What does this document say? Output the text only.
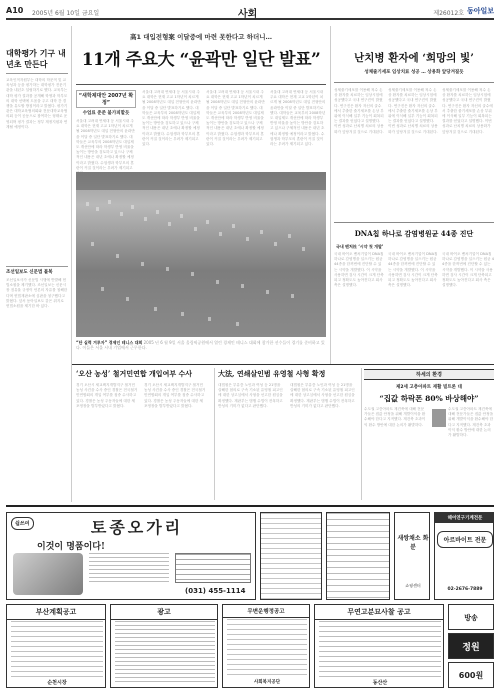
A10 2005년 6월 10일 금요일	사회	제26012호 동아일보
대학평가 기구 내년초 만든다
교육인적자원부는 대학의 학문적 및 교육성과 등을 평가하는 대학평가 전문기관을 내년초 설립하기로 했다. 교육부는 대학 평가 결과를 공개해 학생과 학부모의 대학 선택에 도움을 주고 대학 간 경쟁을 유도할 방침이라고 밝혔다. 평가기관은 대학교육협의회와 전문대학교육협의회 등이 공동으로 참여하는 형태로 운영되며 평가 결과는 정부 재정지원과 연계될 예정이다.
조선일보도 신문법 불복
조선일보사가 신문법 시행에 반발해 헌법소원을 제기했다. 조선일보는 신문시장 점유율 규정이 언론의 자유를 침해한다며 헌법재판소에 심판을 청구했다고 밝혔다. 앞서 동아일보도 같은 취지로 헌법소원을 제기한 바 있다.
高1 대입전형案 이달중에 마련 못한다고 하더니…
11개 주요大 “윤곽만 일단 발표”
“새학제대안 2007년 확정”
수업료 준준 불가피할듯
서울대 고려대 연세대 등 서울시내 주요 대학은 현재 고교 1학년이 치르게 될 2008학년도 대입 전형안의 윤곽만을 이달 중 일단 발표하기로 했다. 대학들은 교육부의 2008학년도 대입제도 개선안에 따라 학생부 반영 비율을 높이는 방안을 검토하고 있으나 구체적인 내용은 내년 초에나 확정할 예정이라고 밝혔다. 수험생과 학부모의 혼란이 커질 것이라는 우려가 제기되고
서울대 고려대 연세대 등 서울시내 주요 대학은 현재 고교 1학년이 치르게 될 2008학년도 대입 전형안의 윤곽만을 이달 중 일단 발표하기로 했다. 대학들은 교육부의 2008학년도 대입제도 개선안에 따라 학생부 반영 비율을 높이는 방안을 검토하고 있으나 구체적인 내용은 내년 초에나 확정할 예정이라고 밝혔다. 수험생과 학부모의 혼란이 커질 것이라는 우려가 제기되고 있다.
서울대 고려대 연세대 등 서울시내 주요 대학은 현재 고교 1학년이 치르게 될 2008학년도 대입 전형안의 윤곽만을 이달 중 일단 발표하기로 했다. 대학들은 교육부의 2008학년도 대입제도 개선안에 따라 학생부 반영 비율을 높이는 방안을 검토하고 있으나 구체적인 내용은 내년 초에나 확정할 예정이라고 밝혔다. 수험생과 학부모의 혼란이 커질 것이라는 우려가 제기되고 있다.
서울대 고려대 연세대 등 서울시내 주요 대학은 현재 고교 1학년이 치르게 될 2008학년도 대입 전형안의 윤곽만을 이달 중 일단 발표하기로 했다. 대학들은 교육부의 2008학년도 대입제도 개선안에 따라 학생부 반영 비율을 높이는 방안을 검토하고 있으나 구체적인 내용은 내년 초에나 확정할 예정이라고 밝혔다. 수험생과 학부모의 혼란이 커질 것이라는 우려가 제기되고 있다.
“단 실력 겨루자” 경제인 테니스 대회 2005 년 6 월 9일 서울 올림픽공원에서 열린 경제인 테니스 대회에 참가한 선수들이 경기를 준비하고 있다. 이들은 서울 시내 기업에서 근무한다.
난치병 환자에 ‘희망의 빛’
성체줄기세포 임상치료 성공 … 상용화 앞당겨질듯
성체줄기세포를 이용해 척수 손상 환자를 치료하는 임상시험에 성공했다고 국내 연구진이 밝혔다. 연구진은 환자 자신의 골수에서 추출한 줄기세포를 손상 부위에 이식해 일부 기능이 회복되는 결과를 얻었다고 설명했다. 이번 성과로 난치병 치료의 상용화가 앞당겨질 것으로 기대된다.
성체줄기세포를 이용해 척수 손상 환자를 치료하는 임상시험에 성공했다고 국내 연구진이 밝혔다. 연구진은 환자 자신의 골수에서 추출한 줄기세포를 손상 부위에 이식해 일부 기능이 회복되는 결과를 얻었다고 설명했다. 이번 성과로 난치병 치료의 상용화가 앞당겨질 것으로 기대된다.
성체줄기세포를 이용해 척수 손상 환자를 치료하는 임상시험에 성공했다고 국내 연구진이 밝혔다. 연구진은 환자 자신의 골수에서 추출한 줄기세포를 손상 부위에 이식해 일부 기능이 회복되는 결과를 얻었다고 설명했다. 이번 성과로 난치병 치료의 상용화가 앞당겨질 것으로 기대된다.
DNA칩 하나로 감염병원균 44종 진단
국내 벤처社 ‘시약 첫 개발’
국내 바이오 벤처기업이 DNA칩 하나로 감염병을 일으키는 원균 44종을 한꺼번에 진단할 수 있는 시약을 개발했다. 이 시약을 사용하면 검사 시간이 크게 단축되고 정확도도 높아진다고 회사 측은 설명했다.
국내 바이오 벤처기업이 DNA칩 하나로 감염병을 일으키는 원균 44종을 한꺼번에 진단할 수 있는 시약을 개발했다. 이 시약을 사용하면 검사 시간이 크게 단축되고 정확도도 높아진다고 회사 측은 설명했다.
국내 바이오 벤처기업이 DNA칩 하나로 감염병을 일으키는 원균 44종을 한꺼번에 진단할 수 있는 시약을 개발했다. 이 시약을 사용하면 검사 시간이 크게 단축되고 정확도도 높아진다고 회사 측은 설명했다.
‘오산 농성’ 철거민연합 개입여부 수사
경기 오산시 세교택지개발지구 철거민 농성 사건을 수사 중인 경찰은 전국철거민연합회의 개입 여부를 집중 수사하고 있다. 경찰은 농성 주동자들에 대한 체포영장을 발부받았다고 밝혔다.
경기 오산시 세교택지개발지구 철거민 농성 사건을 수사 중인 경찰은 전국철거민연합회의 개입 여부를 집중 수사하고 있다. 경찰은 농성 주동자들에 대한 체포영장을 발부받았다고 밝혔다.
大法, 연쇄살인범 유영철 사형 확정
대법원은 부유층 노인과 여성 등 21명을 살해한 혐의로 구속 기소된 유영철 피고인에 대한 상고심에서 사형을 선고한 원심을 확정했다. 재판부는 범행 수법이 잔혹하고 반성의 기미가 없다고 판단했다.
대법원은 부유층 노인과 여성 등 21명을 살해한 혐의로 구속 기소된 유영철 피고인에 대한 상고심에서 사형을 선고한 원심을 확정했다. 재판부는 범행 수법이 잔혹하고 반성의 기미가 없다고 판단했다.
하세의 환경
제2세 고층아파트 재활 빌트론 대
“집값 하락폰 80% 바상해야”
수도권 고층아파트 재건축에 대해 전문가들은 집값 안정을 위해 개발이익을 환수해야 한다고 지적했다. 재건축 초과이익 환수 방안에 대한 논의가 활발하다.
수도권 고층아파트 재건축에 대해 전문가들은 집값 안정을 위해 개발이익을 환수해야 한다고 지적했다. 재건축 초과이익 환수 방안에 대한 논의가 활발하다.
쉽쓰여	토종오가리
이것이 명품이다!
(031) 455-1114
새쌍채소 화분
쇼핑센터
헤어연구기계전문
아르바이트 전문
02-2676-7889
부산계획공고
순천시장
광고	무변운행정공고
사회복지공단
무연고분묘사찰 공고
동산산
방송
정원
600원
